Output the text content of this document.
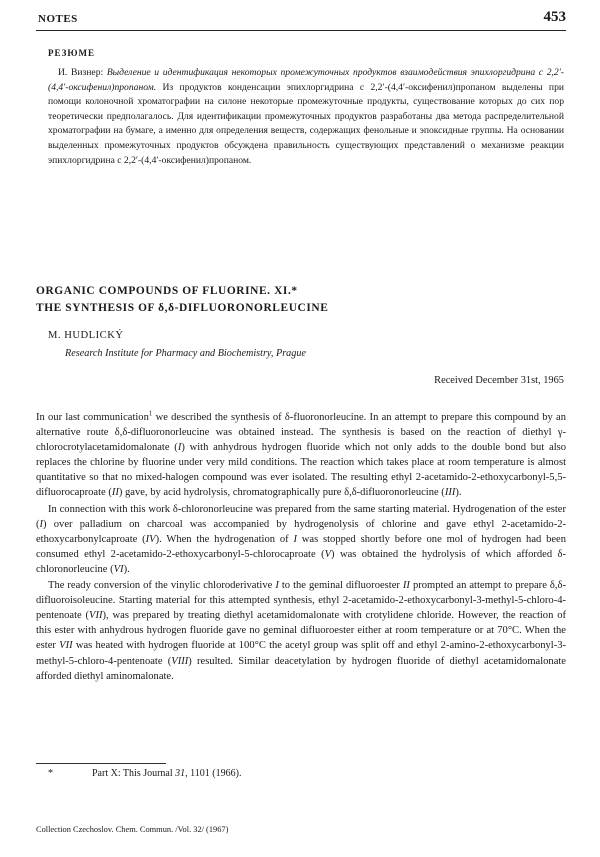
NOTES	453
РЕЗЮМЕ
И. Визнер: Выделение и идентификация некоторых промежуточных продуктов взаимодействия эпихлоргидрина с 2,2′-(4,4′-оксифенил)пропаном. Из продуктов конденсации эпихлоргидрина с 2,2′-(4,4′-оксифенил)пропаном выделены при помощи колоночной хроматографии на силоне некоторые промежуточные продукты, существование которых до сих пор теоретически предполагалось. Для идентификации промежуточных продуктов разработаны два метода распределительной хроматографии на бумаге, а именно для определения веществ, содержащих фенольные и эпоксидные группы. На основании выделенных промежуточных продуктов обсуждена правильность существующих представлений о механизме реакции эпихлоргидрина с 2,2′-(4,4′-оксифенил)пропаном.
ORGANIC COMPOUNDS OF FLUORINE. XI.*
THE SYNTHESIS OF δ,δ-DIFLUORONORLEUCINE
M. HUDLICKÝ
Research Institute for Pharmacy and Biochemistry, Prague
Received December 31st, 1965

In our last communication$^1$ we described the synthesis of δ-fluoronorleucine. In an attempt to prepare this compound by an alternative route δ,δ-difluoronorleucine was obtained instead. The synthesis is based on the reaction of diethyl γ-chlorocrotylacetamidomalonate (I) with anhydrous hydrogen fluoride which not only adds to the double bond but also replaces the chlorine by fluorine under very mild conditions. The reaction which takes place at room temperature is almost quantitative so that no mixed-halogen compound was ever isolated. The resulting ethyl 2-acetamido-2-ethoxycarbonyl-5,5-difluorocaproate (II) gave, by acid hydrolysis, chromatographically pure δ,δ-difluoronorleucine (III).

In connection with this work δ-chloronorleucine was prepared from the same starting material. Hydrogenation of the ester (I) over palladium on charcoal was accompanied by hydrogenolysis of chlorine and gave ethyl 2-acetamido-2-ethoxycarbonylcaproate (IV). When the hydrogenation of I was stopped shortly before one mol of hydrogen had been consumed ethyl 2-acetamido-2-ethoxycarbonyl-5-chlorocaproate (V) was obtained the hydrolysis of which afforded δ-chloronorleucine (VI).

The ready conversion of the vinylic chloroderivative I to the geminal difluoroester II prompted an attempt to prepare δ,δ-difluoroisoleucine. Starting material for this attempted synthesis, ethyl 2-acetamido-2-ethoxycarbonyl-3-methyl-5-chloro-4-pentenoate (VII), was prepared by treating diethyl acetamidomalonate with crotylidene chloride. However, the reaction of this ester with anhydrous hydrogen fluoride gave no geminal difluoroester either at room temperature or at 70°C. When the ester VII was heated with hydrogen fluoride at 100°C the acetyl group was split off and ethyl 2-amino-2-ethoxycarbonyl-3-methyl-5-chloro-4-pentenoate (VIII) resulted. Similar deacetylation by hydrogen fluoride of diethyl acetamidomalonate afforded diethyl aminomalonate.

*	Part X: This Journal 31, 1101 (1966).
Collection Czechoslov. Chem. Commun. /Vol. 32/ (1967)
